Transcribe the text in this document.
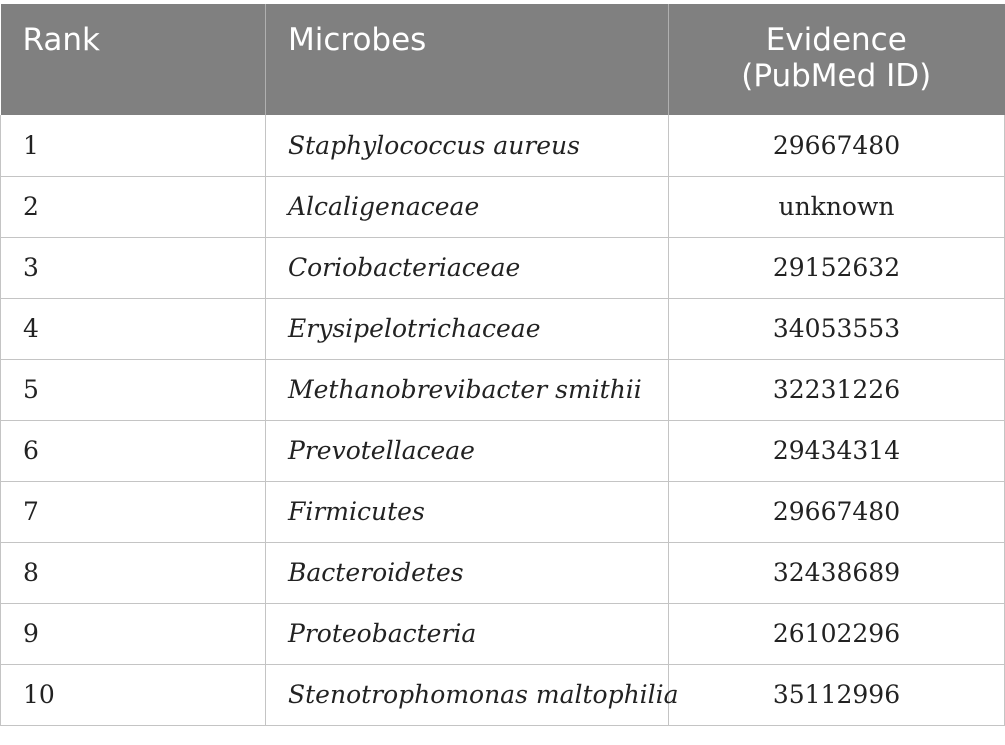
Rank	Microbes	Evidence
(PubMed ID)
1	Staphylococcus aureus	29667480
2	Alcaligenaceae	unknown
3	Coriobacteriaceae	29152632
4	Erysipelotrichaceae	34053553
5	Methanobrevibacter smithii	32231226
6	Prevotellaceae	29434314
7	Firmicutes	29667480
8	Bacteroidetes	32438689
9	Proteobacteria	26102296
10	Stenotrophomonas maltophilia	35112996
